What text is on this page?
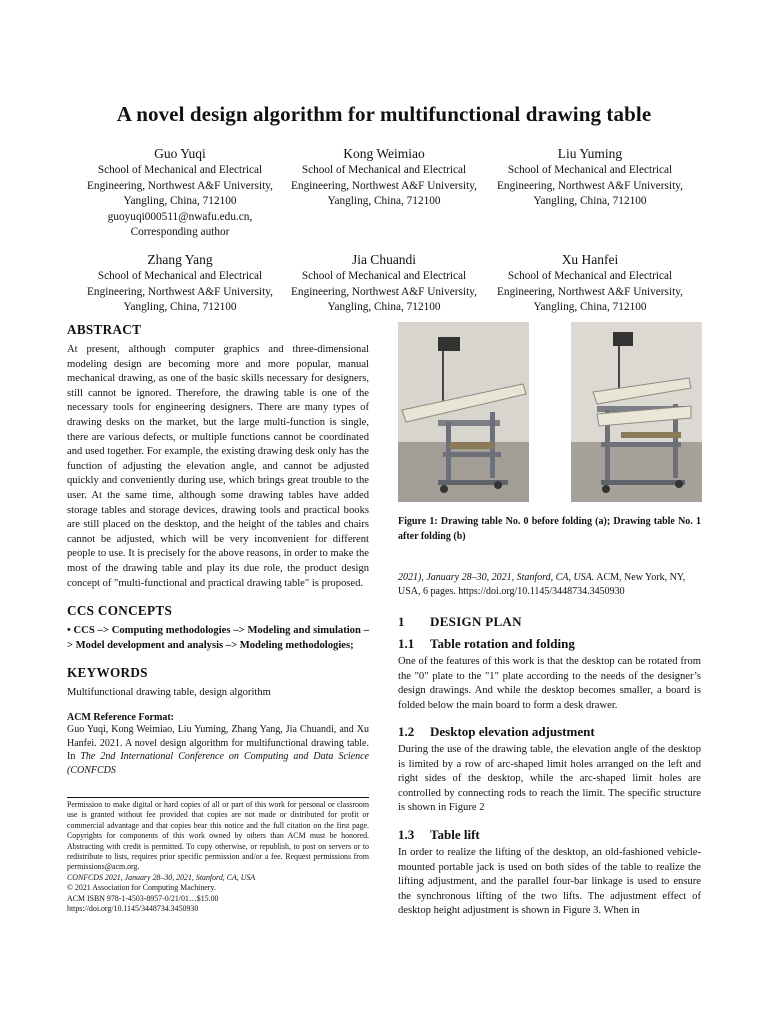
A novel design algorithm for multifunctional drawing table
Guo Yuqi
School of Mechanical and Electrical Engineering, Northwest A&F University, Yangling, China, 712100
guoyuqi000511@nwafu.edu.cn, Corresponding author
Kong Weimiao
School of Mechanical and Electrical Engineering, Northwest A&F University, Yangling, China, 712100
Liu Yuming
School of Mechanical and Electrical Engineering, Northwest A&F University, Yangling, China, 712100
Zhang Yang
School of Mechanical and Electrical Engineering, Northwest A&F University, Yangling, China, 712100
Jia Chuandi
School of Mechanical and Electrical Engineering, Northwest A&F University, Yangling, China, 712100
Xu Hanfei
School of Mechanical and Electrical Engineering, Northwest A&F University, Yangling, China, 712100
ABSTRACT
At present, although computer graphics and three-dimensional modeling design are becoming more and more popular, manual mechanical drawing, as one of the basic skills necessary for designers, still cannot be ignored. Therefore, the drawing table is one of the necessary tools for engineering designers. There are many types of drawing desks on the market, but the large multi-function is single, there are various defects, or multiple functions cannot be coordinated and used together. For example, the existing drawing desk only has the function of adjusting the elevation angle, and cannot be adjusted quickly and conveniently during use, which brings great trouble to the user. At the same time, although some drawing tables have added storage tables and storage devices, drawing tools and practical books are still placed on the desktop, and the height of the tables and chairs cannot be adjusted, which will be very inconvenient for different people to use. It is precisely for the above reasons, in order to make the most of the drawing table and play its due role, the product design concept of "multi-functional and practical drawing table" is proposed.
CCS CONCEPTS
• CCS –> Computing methodologies –> Modeling and simulation –> Model development and analysis –> Modeling methodologies;
KEYWORDS
Multifunctional drawing table, design algorithm
ACM Reference Format:
Guo Yuqi, Kong Weimiao, Liu Yuming, Zhang Yang, Jia Chuandi, and Xu Hanfei. 2021. A novel design algorithm for multifunctional drawing table. In The 2nd International Conference on Computing and Data Science (CONFCDS
Permission to make digital or hard copies of all or part of this work for personal or classroom use is granted without fee provided that copies are not made or distributed for profit or commercial advantage and that copies bear this notice and the full citation on the first page. Copyrights for components of this work owned by others than ACM must be honored. Abstracting with credit is permitted. To copy otherwise, or republish, to post on servers or to redistribute to lists, requires prior specific permission and/or a fee. Request permissions from permissions@acm.org.
CONFCDS 2021, January 28–30, 2021, Stanford, CA, USA
© 2021 Association for Computing Machinery.
ACM ISBN 978-1-4503-8957-0/21/01…$15.00
https://doi.org/10.1145/3448734.3450930
Figure 1: Drawing table No. 0 before folding (a); Drawing table No. 1 after folding (b)
2021), January 28–30, 2021, Stanford, CA, USA. ACM, New York, NY, USA, 6 pages. https://doi.org/10.1145/3448734.3450930
1 DESIGN PLAN
1.1 Table rotation and folding
One of the features of this work is that the desktop can be rotated from the "0" plate to the "1" plate according to the needs of the designer’s design drawings. And while the desktop becomes smaller, a board is folded below the main board to form a desk drawer.
1.2 Desktop elevation adjustment
During the use of the drawing table, the elevation angle of the desktop is limited by a row of arc-shaped limit holes arranged on the left and right sides of the desktop, while the arc-shaped limit holes are controlled by connecting rods to reach the limit. The specific structure is shown in Figure 2
1.3 Table lift
In order to realize the lifting of the desktop, an old-fashioned vehicle-mounted portable jack is used on both sides of the table to realize the lifting adjustment, and the parallel four-bar linkage is used to ensure the synchronous lifting of the two lifts. The adjustment effect of desktop height adjustment is shown in Figure 3. When in
